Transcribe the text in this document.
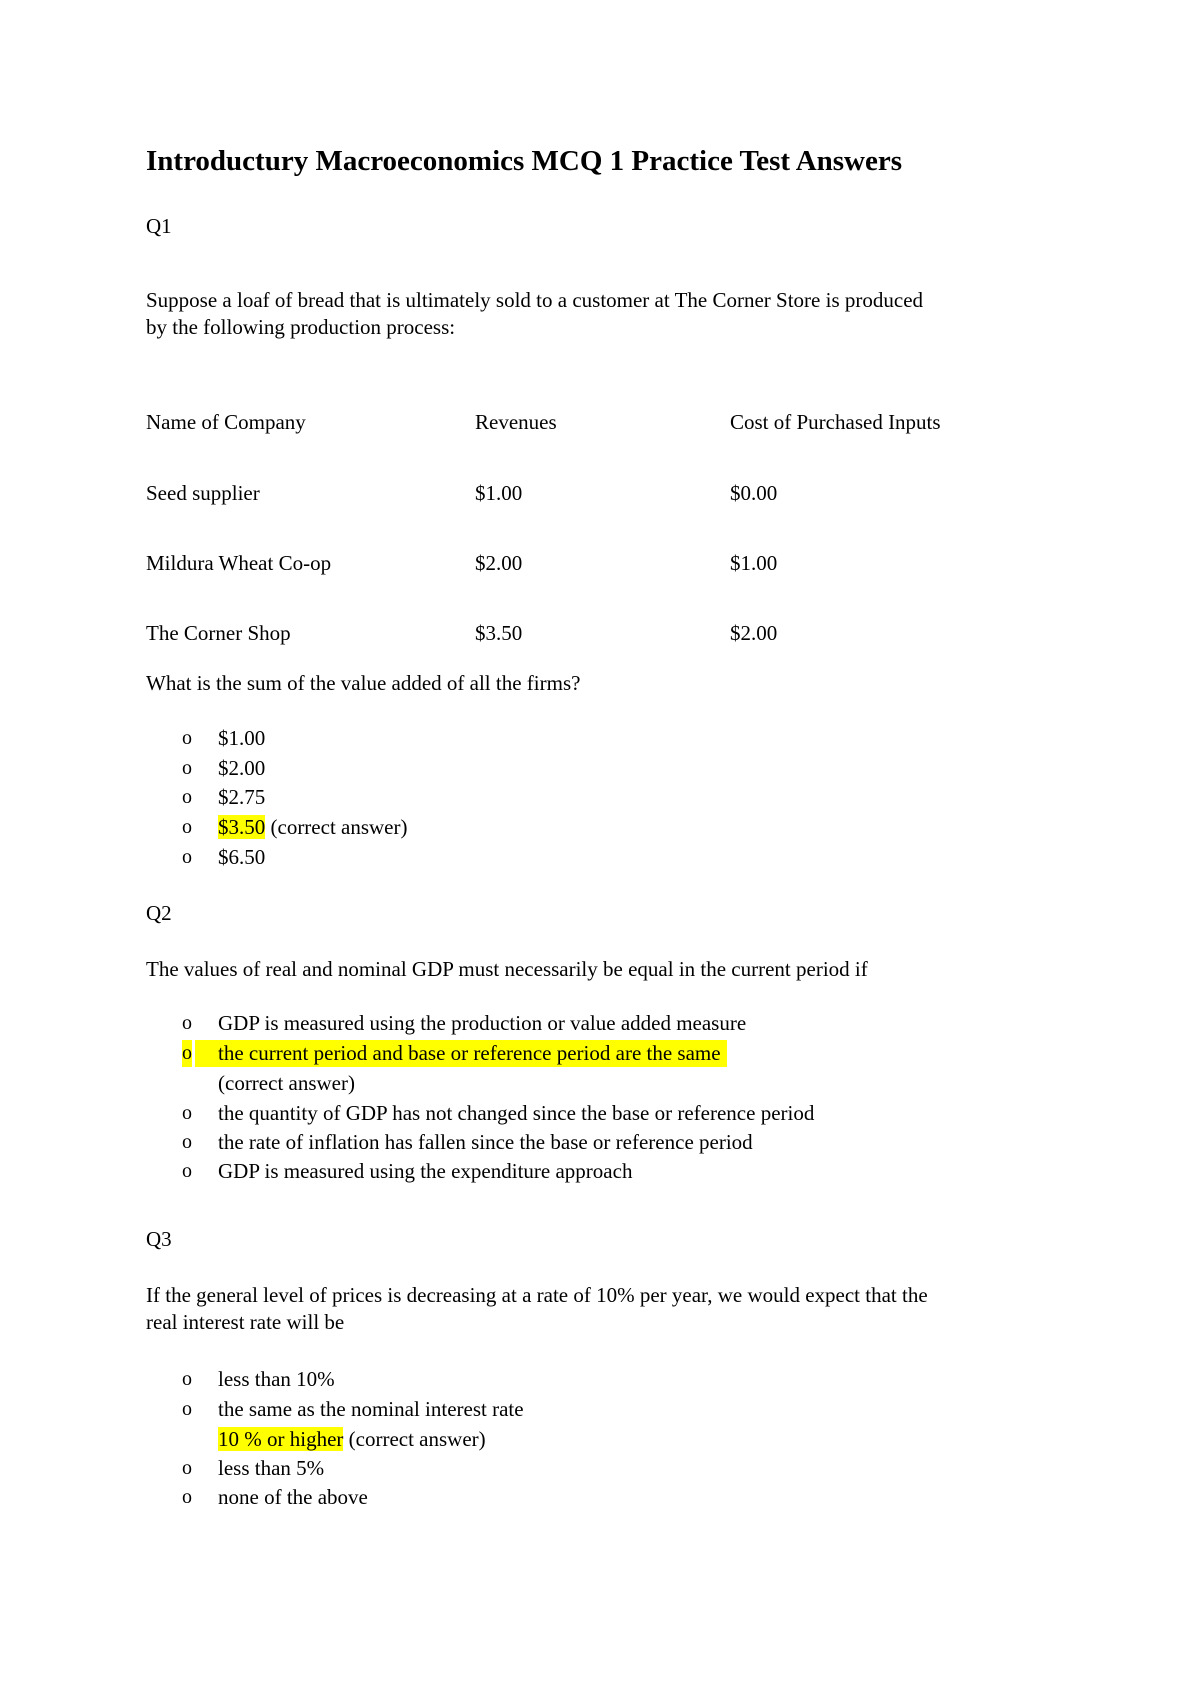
Introductury Macroeconomics MCQ 1 Practice Test Answers
Q1
Suppose a loaf of bread that is ultimately sold to a customer at The Corner Store is produced
by the following production process:
Name of Company	Revenues	Cost of Purchased Inputs
Seed supplier	$1.00	$0.00
Mildura Wheat Co-op	$2.00	$1.00
The Corner Shop	$3.50	$2.00
What is the sum of the value added of all the firms?
o $1.00
o $2.00
o $2.75
o $3.50 (correct answer)
o $6.50
Q2
The values of real and nominal GDP must necessarily be equal in the current period if
o GDP is measured using the production or value added measure
o the current period and base or reference period are the same
(correct answer)
o the quantity of GDP has not changed since the base or reference period
o the rate of inflation has fallen since the base or reference period
o GDP is measured using the expenditure approach
Q3
If the general level of prices is decreasing at a rate of 10% per year, we would expect that the
real interest rate will be
o less than 10%
o the same as the nominal interest rate
10 % or higher (correct answer)
o less than 5%
o none of the above
